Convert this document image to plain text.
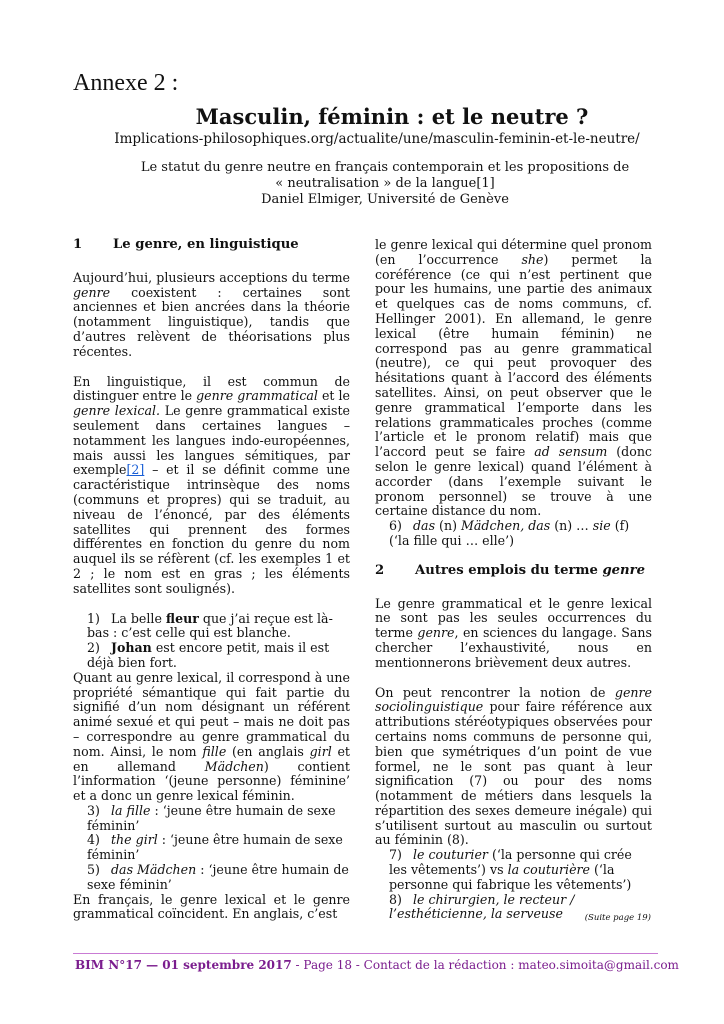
Annexe 2 :
Masculin, féminin : et le neutre ?
Implications-philosophiques.org/actualite/une/masculin-feminin-et-le-neutre/
Le statut du genre neutre en français contemporain et les propositions de
« neutralisation » de la langue[1]
Daniel Elmiger, Université de Genève
1 Le genre, en linguistique

Aujourd’hui, plusieurs acceptions du terme genre coexistent : certaines sont anciennes et bien ancrées dans la théorie (notamment linguistique), tandis que d’autres relèvent de théorisations plus récentes.

En linguistique, il est commun de distinguer entre le genre grammatical et le genre lexical. Le genre grammatical existe seulement dans certaines langues – notamment les langues indo-européennes, mais aussi les langues sémitiques, par exemple[2] – et il se définit comme une caractéristique intrinsèque des noms (communs et propres) qui se traduit, au niveau de l’énoncé, par des éléments satellites qui prennent des formes différentes en fonction du genre du nom auquel ils se réfèrent (cf. les exemples 1 et 2 ; le nom est en gras ; les éléments satellites sont soulignés).

1) La belle fleur que j’ai reçue est là-bas : c’est celle qui est blanche.

2) Johan est encore petit, mais il est déjà bien fort.

Quant au genre lexical, il correspond à une propriété sémantique qui fait partie du signifié d’un nom désignant un référent animé sexué et qui peut – mais ne doit pas – correspondre au genre grammatical du nom. Ainsi, le nom fille (en anglais girl et en allemand Mädchen) contient l’information ‘(jeune personne) féminine’ et a donc un genre lexical féminin.

3) la fille : ‘jeune être humain de sexe féminin’

4) the girl : ‘jeune être humain de sexe féminin’

5) das Mädchen : ‘jeune être humain de sexe féminin’

En français, le genre lexical et le genre grammatical coïncident. En anglais, c’est

le genre lexical qui détermine quel pronom (en l’occurrence she) permet la coréférence (ce qui n’est pertinent que pour les humains, une partie des animaux et quelques cas de noms communs, cf. Hellinger 2001). En allemand, le genre lexical (être humain féminin) ne correspond pas au genre grammatical (neutre), ce qui peut provoquer des hésitations quant à l’accord des éléments satellites. Ainsi, on peut observer que le genre grammatical l’emporte dans les relations grammaticales proches (comme l’article et le pronom relatif) mais que l’accord peut se faire ad sensum (donc selon le genre lexical) quand l’élément à accorder (dans l’exemple suivant le pronom personnel) se trouve à une certaine distance du nom.

6) das (n) Mädchen, das (n) … sie (f) (‘la fille qui … elle’)

2 Autres emplois du terme genre

Le genre grammatical et le genre lexical ne sont pas les seules occurrences du terme genre, en sciences du langage. Sans chercher l’exhaustivité, nous en mentionnerons brièvement deux autres.

On peut rencontrer la notion de genre sociolinguistique pour faire référence aux attributions stéréotypiques observées pour certains noms communs de personne qui, bien que symétriques d’un point de vue formel, ne le sont pas quant à leur signification (7) ou pour des noms (notamment de métiers dans lesquels la répartition des sexes demeure inégale) qui s’utilisent surtout au masculin ou surtout au féminin (8).

7) le couturier (‘la personne qui crée les vêtements’) vs la couturière (‘la personne qui fabrique les vêtements’)

8) le chirurgien, le recteur / l’esthéticienne, la serveuse	(Suite page 19)
BIM N°17 — 01 septembre 2017 - Page 18 - Contact de la rédaction : mateo.simoita@gmail.com
